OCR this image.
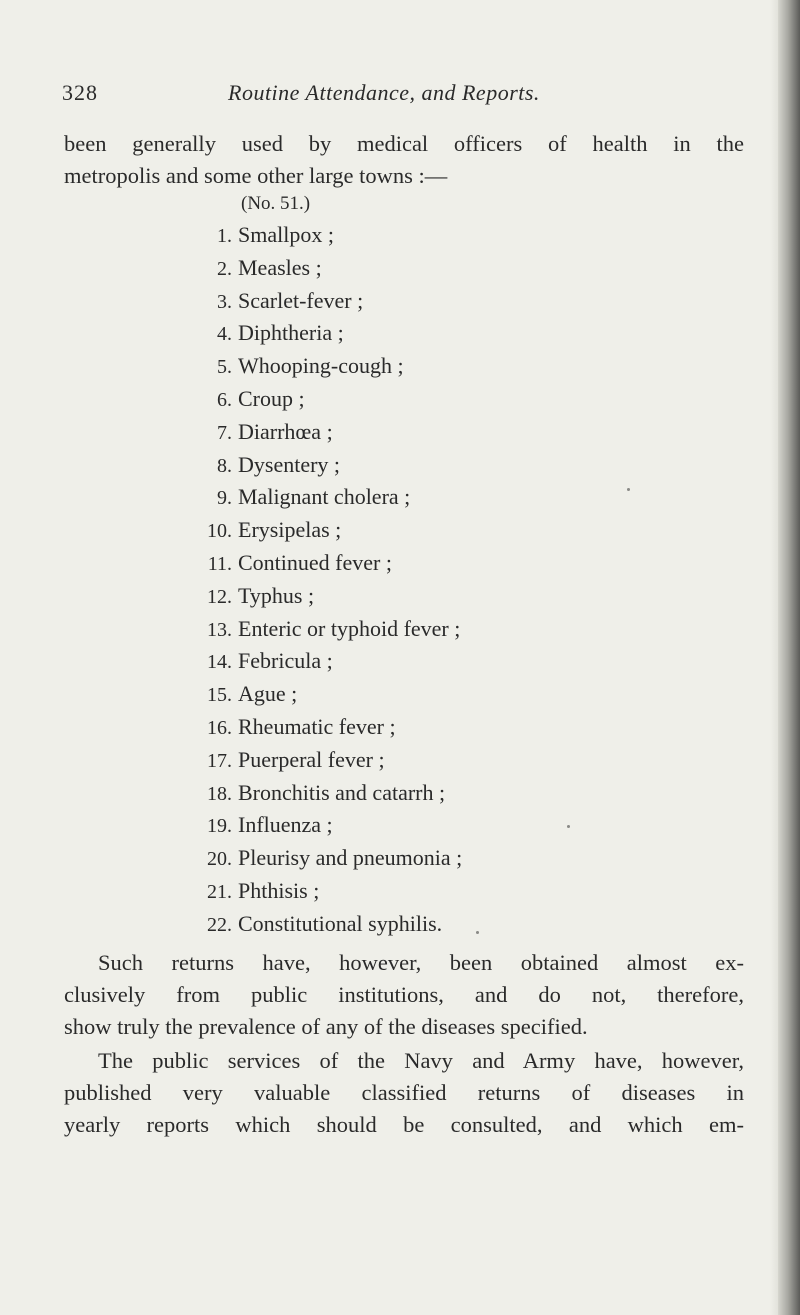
328	Routine Attendance, and Reports.

been generally used by medical officers of health in the
metropolis and some other large towns :—

(No. 51.)
1. Smallpox ;
2. Measles ;
3. Scarlet-fever ;
4. Diphtheria ;
5. Whooping-cough ;
6. Croup ;
7. Diarrhœa ;
8. Dysentery ;
9. Malignant cholera ;
10. Erysipelas ;
11. Continued fever ;
12. Typhus ;
13. Enteric or typhoid fever ;
14. Febricula ;
15. Ague ;
16. Rheumatic fever ;
17. Puerperal fever ;
18. Bronchitis and catarrh ;
19. Influenza ;
20. Pleurisy and pneumonia ;
21. Phthisis ;
22. Constitutional syphilis.

Such returns have, however, been obtained almost ex-
clusively from public institutions, and do not, therefore,
show truly the prevalence of any of the diseases specified.

The public services of the Navy and Army have, however,
published very valuable classified returns of diseases in
yearly reports which should be consulted, and which em-
